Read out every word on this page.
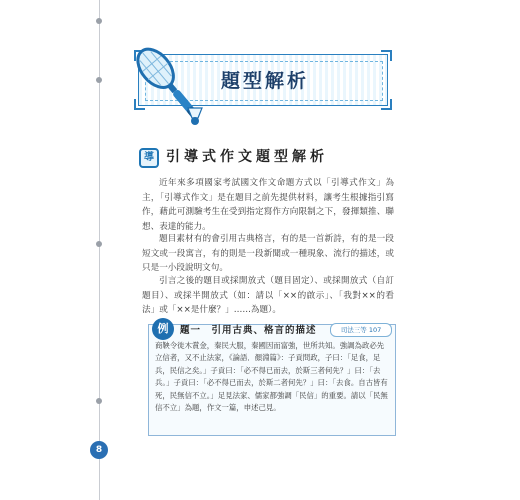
題型解析
導 引導式作文題型解析

近年來多項國家考試國文作文命題方式以「引導式作文」為主，「引導式作文」是在題目之前先提供材料，讓考生根據指引寫作，藉此可測驗考生在受到指定寫作方向限制之下，發揮類推、聯想、表達的能力。

題目素材有的會引用古典格言，有的是一首新詩，有的是一段短文或一段寓言，有的則是一段新聞或一種現象、流行的描述，或只是一小段說明文句。

引言之後的題目或採開放式（題目固定）、或採開放式（自訂題目）、或採半開放式（如：請以「××的啟示」、「我對××的看法」或「××是什麼？」……為題）。

例	題一　引用古典、格言的描述	司法三等 107

商鞅令徙木賞金，秦民大服，秦國因而富強，世所共知。強調為政必先立信者，又不止法家，《論語．顏淵篇》：子貢問政，子曰：「足食，足兵，民信之矣。」子貢曰：「必不得已而去，於斯三者何先？」曰：「去兵。」子貢曰：「必不得已而去，於斯二者何先？」曰：「去食。自古皆有死，民無信不立。」足見法家、儒家都強調「民信」的重要。請以「民無信不立」為題，作文一篇，申述己見。

8
